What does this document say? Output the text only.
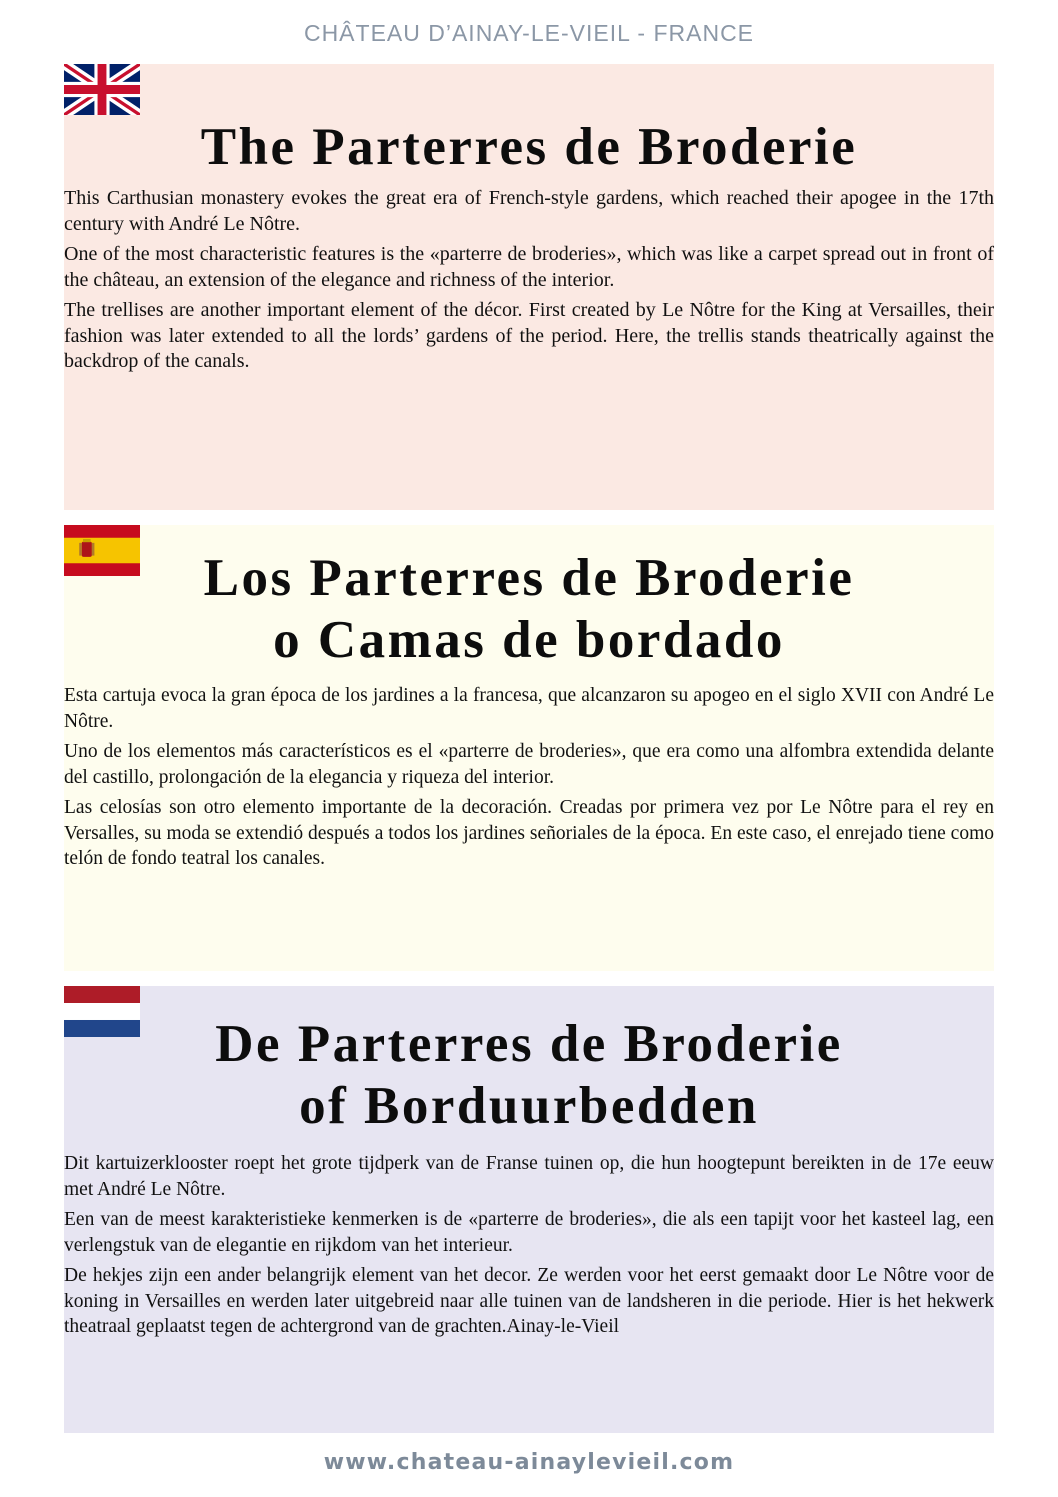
CHÂTEAU D’AINAY-LE-VIEIL - FRANCE
The Parterres de Broderie

This Carthusian monastery evokes the great era of French-style gardens, which reached their apogee in the 17th century with André Le Nôtre.

One of the most characteristic features is the «parterre de broderies», which was like a carpet spread out in front of the château, an extension of the elegance and richness of the interior.

The trellises are another important element of the décor. First created by Le Nôtre for the King at Versailles, their fashion was later extended to all the lords’ gardens of the period. Here, the trellis stands theatrically against the backdrop of the canals.

Los Parterres de Broderie
o Camas de bordado

Esta cartuja evoca la gran época de los jardines a la francesa, que alcanzaron su apogeo en el siglo XVII con André Le Nôtre.

Uno de los elementos más característicos es el «parterre de broderies», que era como una alfombra extendida delante del castillo, prolongación de la elegancia y riqueza del interior.

Las celosías son otro elemento importante de la decoración. Creadas por primera vez por Le Nôtre para el rey en Versalles, su moda se extendió después a todos los jardines señoriales de la época. En este caso, el enrejado tiene como telón de fondo teatral los canales.

De Parterres de Broderie
of Borduurbedden

Dit kartuizerklooster roept het grote tijdperk van de Franse tuinen op, die hun hoogtepunt bereikten in de 17e eeuw met André Le Nôtre.

Een van de meest karakteristieke kenmerken is de «parterre de broderies», die als een tapijt voor het kasteel lag, een verlengstuk van de elegantie en rijkdom van het interieur.

De hekjes zijn een ander belangrijk element van het decor. Ze werden voor het eerst gemaakt door Le Nôtre voor de koning in Versailles en werden later uitgebreid naar alle tuinen van de landsheren in die periode. Hier is het hekwerk theatraal geplaatst tegen de achtergrond van de grachten.Ainay-le-Vieil

www.chateau-ainaylevieil.com
